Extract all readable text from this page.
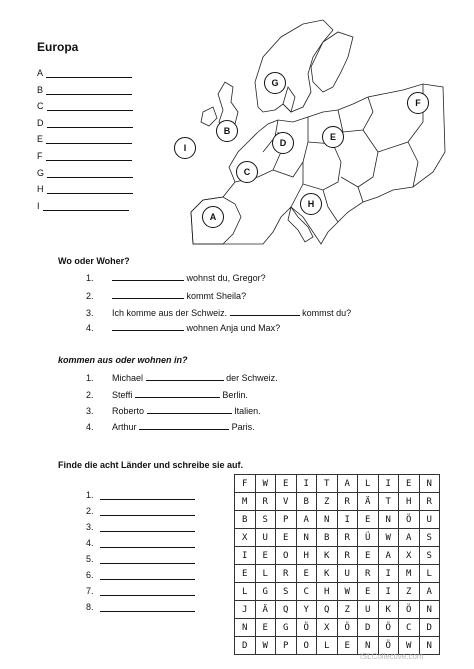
Europa
A
B
C
D
E
F
G
H
I
G
F
B
I	D
E
C
H
A
Wo oder Woher?
1.	wohnst du, Gregor?
2.	kommt Sheila?
3. Ich komme aus der Schweiz.	kommst du?
4.	wohnen Anja und Max?
kommen aus oder wohnen in?
1. Michael	der Schweiz.
2. Steffi	Berlin.
3. Roberto	Italien.
4. Arthur	Paris.
Finde die acht Länder und schreibe sie auf.
1.
2.
3.
4.
5.
6.
7.
8.
F	W	E	I	T	A	L	I	E	N
M	R	V	B	Z	R	Ä	T	H	R
B	S	P	A	N	I	E	N	Ö	U
X	U	E	N	B	R	Ü	W	A	S
I	E	O	H	K	R	E	A	X	S
E	L	R	E	K	U	R	I	M	L
L	G	S	C	H	W	E	I	Z	A
J	Ä	Q	Y	Q	Z	U	K	Ö	N
N	E	G	Ö	X	Ö	D	Ö	C	D
D	W	P	O	L	E	N	Ö	W	N
iSLCollective.com
